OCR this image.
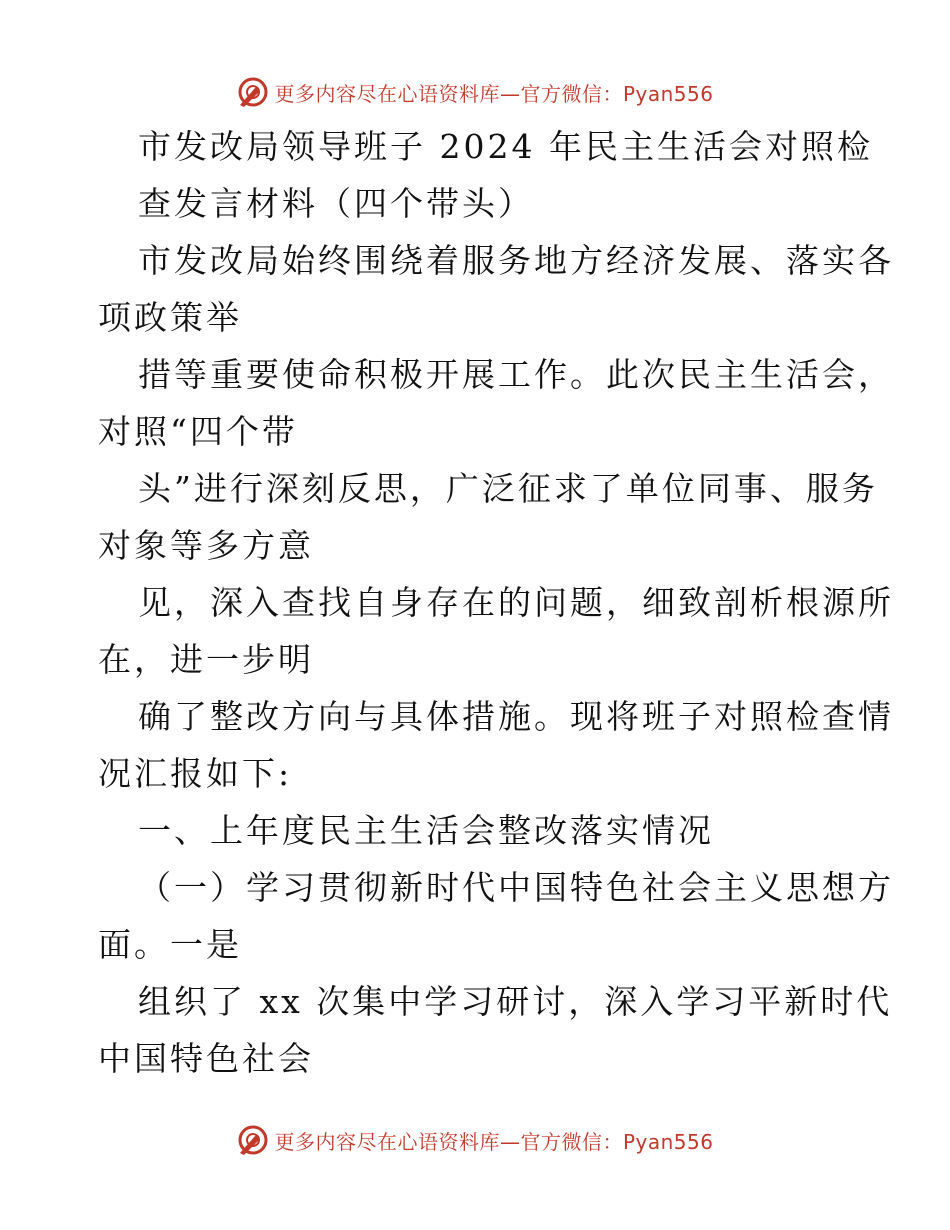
更多内容尽在心语资料库—官方微信：Pyan556
市发改局领导班子 2024 年民主生活会对照检
查发言材料（四个带头）
市发改局始终围绕着服务地方经济发展、落实各
项政策举
措等重要使命积极开展工作。此次民主生活会，
对照“四个带
头”进行深刻反思，广泛征求了单位同事、服务
对象等多方意
见，深入查找自身存在的问题，细致剖析根源所
在，进一步明
确了整改方向与具体措施。现将班子对照检查情
况汇报如下:
一、上年度民主生活会整改落实情况
（一）学习贯彻新时代中国特色社会主义思想方
面。一是
组织了 xx 次集中学习研讨，深入学习平新时代
中国特色社会
更多内容尽在心语资料库—官方微信：Pyan556
